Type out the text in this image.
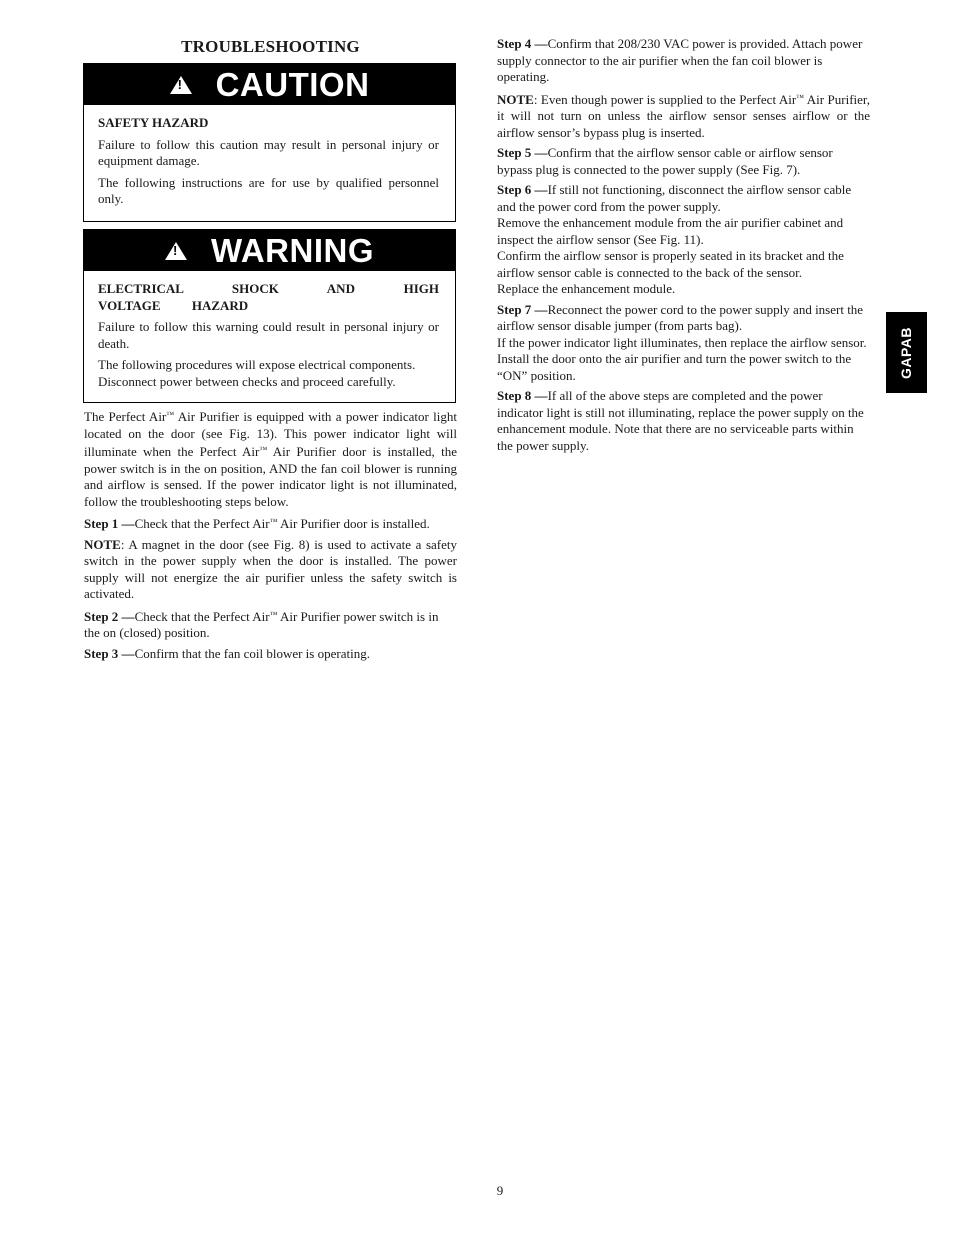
TROUBLESHOOTING
!
CAUTION

SAFETY HAZARD

Failure to follow this caution may result in personal injury or equipment damage.

The following instructions are for use by qualified personnel only.

!
WARNING

ELECTRICAL SHOCK AND HIGH VOLTAGE HAZARD

Failure to follow this warning could result in personal injury or death.

The following procedures will expose electrical components. Disconnect power between checks and proceed carefully.

The Perfect Air™ Air Purifier is equipped with a power indicator light located on the door (see Fig. 13). This power indicator light will illuminate when the Perfect Air™ Air Purifier door is installed, the power switch is in the on position, AND the fan coil blower is running and airflow is sensed. If the power indicator light is not illuminated, follow the troubleshooting steps below.

Step 1 —Check that the Perfect Air™ Air Purifier door is installed.

NOTE: A magnet in the door (see Fig. 8) is used to activate a safety switch in the power supply when the door is installed. The power supply will not energize the air purifier unless the safety switch is activated.

Step 2 —Check that the Perfect Air™ Air Purifier power switch is in the on (closed) position.

Step 3 —Confirm that the fan coil blower is operating.

Step 4 —Confirm that 208/230 VAC power is provided. Attach power supply connector to the air purifier when the fan coil blower is operating.

NOTE: Even though power is supplied to the Perfect Air™ Air Purifier, it will not turn on unless the airflow sensor senses airflow or the airflow sensor’s bypass plug is inserted.

Step 5 —Confirm that the airflow sensor cable or airflow sensor bypass plug is connected to the power supply (See Fig. 7).

Step 6 —If still not functioning, disconnect the airflow sensor cable and the power cord from the power supply.

Remove the enhancement module from the air purifier cabinet and inspect the airflow sensor (See Fig. 11).

Confirm the airflow sensor is properly seated in its bracket and the airflow sensor cable is connected to the back of the sensor.

Replace the enhancement module.

Step 7 —Reconnect the power cord to the power supply and insert the airflow sensor disable jumper (from parts bag).

If the power indicator light illuminates, then replace the airflow sensor.

Install the door onto the air purifier and turn the power switch to the “ON” position.

Step 8 —If all of the above steps are completed and the power indicator light is still not illuminating, replace the power supply on the enhancement module. Note that there are no serviceable parts within the power supply.

GAPAB
9
